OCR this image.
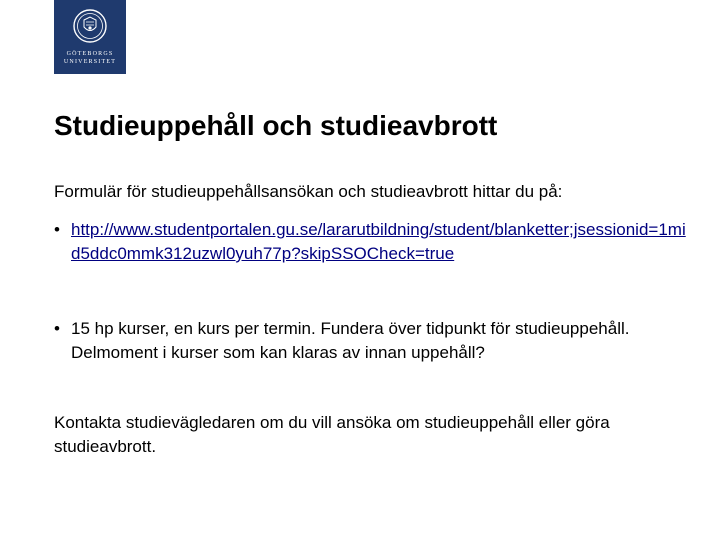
GÖTEBORGS
UNIVERSITET
Studieuppehåll och studieavbrott

Formulär för studieuppehållsansökan och studieavbrott hittar du på:

• http://www.studentportalen.gu.se/lararutbildning/student/blanketter;jsessionid=1mid5ddc0mmk312uzwl0yuh77p?skipSSOCheck=true
• 15 hp kurser, en kurs per termin. Fundera över tidpunkt för studieuppehåll. Delmoment i kurser som kan klaras av innan uppehåll?

Kontakta studievägledaren om du vill ansöka om studieuppehåll eller göra studieavbrott.
